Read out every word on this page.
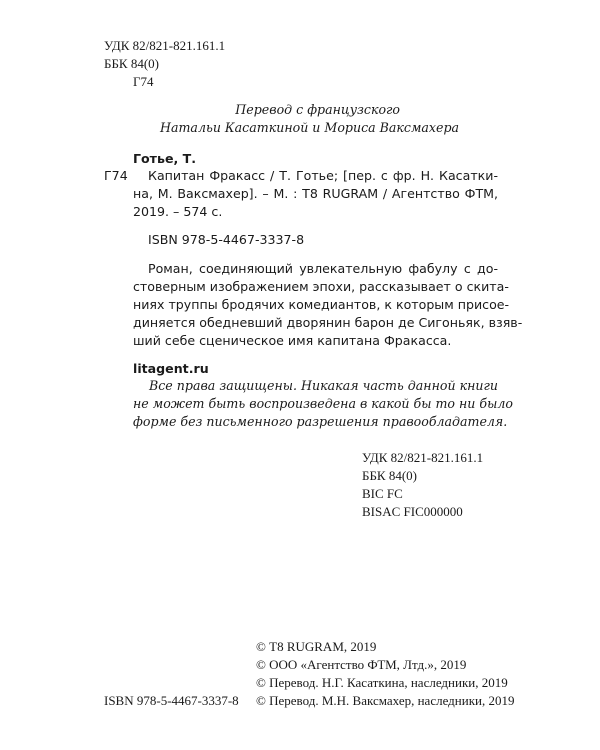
УДК 82/821-821.161.1
ББК 84(0)
Г74
Перевод с французского
Натальи Касаткиной и Мориса Ваксмахера
Готье, Т.
Г74 Капитан Фракасс / Т. Готье; [пер. с фр. Н. Касатки-
на, М. Ваксмахер]. – М. : Т8 RUGRAM / Агентство ФТМ,
2019. – 574 с.
ISBN 978-5-4467-3337-8
Роман, соединяющий увлекательную фабулу с до-
стоверным изображением эпохи, рассказывает о скита-
ниях труппы бродячих комедиантов, к которым присое-
диняется обедневший дворянин барон де Сигоньяк, взяв-
ший себе сценическое имя капитана Фракасса.
litagent.ru
Все права защищены. Никакая часть данной книги
не может быть воспроизведена в какой бы то ни было
форме без письменного разрешения правообладателя.
УДК 82/821-821.161.1
ББК 84(0)
BIC FC
BISAC FIC000000
© Т8 RUGRAM, 2019
© ООО «Агентство ФТМ, Лтд.», 2019
© Перевод. Н.Г. Касаткина, наследники, 2019
ISBN 978-5-4467-3337-8 © Перевод. М.Н. Ваксмахер, наследники, 2019
